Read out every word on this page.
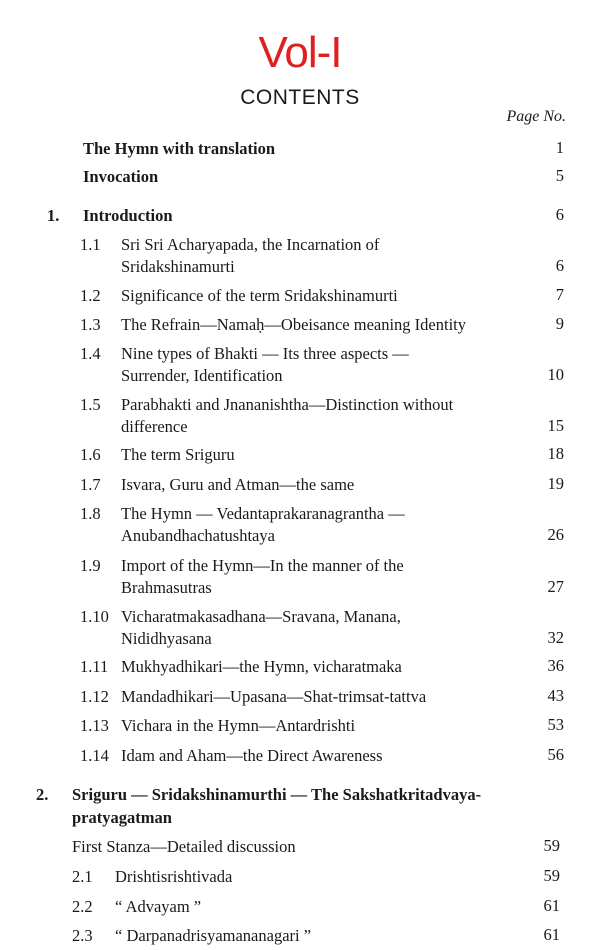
Vol-I
CONTENTS
Page No.
The Hymn with translation	1
Invocation	5
1. Introduction	6
1.1 Sri Sri Acharyapada, the Incarnation of
Sridakshinamurti	6
1.2 Significance of the term Sridakshinamurti	7
1.3 The Refrain—Namaḥ—Obeisance meaning Identity	9
1.4 Nine types of Bhakti — Its three aspects —
Surrender, Identification	10
1.5 Parabhakti and Jnananishtha—Distinction without
difference	15
1.6 The term Sriguru	18
1.7 Isvara, Guru and Atman—the same	19
1.8 The Hymn — Vedantaprakaranagrantha —
Anubandhachatushtaya	26
1.9 Import of the Hymn—In the manner of the
Brahmasutras	27
1.10 Vicharatmakasadhana—Sravana, Manana,
Nididhyasana	32
1.11 Mukhyadhikari—the Hymn, vicharatmaka	36
1.12 Mandadhikari—Upasana—Shat-trimsat-tattva	43
1.13 Vichara in the Hymn—Antardrishti	53
1.14 Idam and Aham—the Direct Awareness	56
2. Sriguru — Sridakshinamurthi — The Sakshatkritadvaya-
pratyagatman
First Stanza—Detailed discussion	59
2.1 Drishtisrishtivada	59
2.2 “ Advayam ”	61
2.3 “ Darpanadrisyamananagari ”	61
